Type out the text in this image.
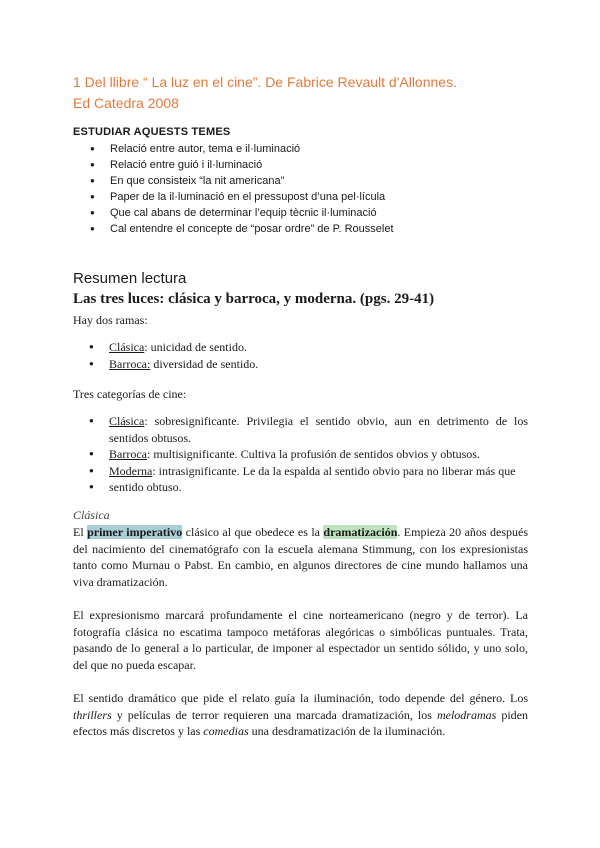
1 Del llibre “ La luz en el cine”. De Fabrice Revault d'Allonnes.
Ed Catedra 2008
ESTUDIAR AQUESTS TEMES
● Relació entre autor, tema e il·luminació
● Relació entre guió i il·luminació
● En que consisteix “la nit americana”
● Paper de la il·luminació en el pressupost d’una pel·lícula
● Que cal abans de determinar l’equip tècnic il·luminació
● Cal entendre el concepte de “posar ordre” de P. Rousselet
Resumen lectura
Las tres luces: clásica y barroca, y moderna. (pgs. 29-41)
Hay dos ramas:
● Clásica: unicidad de sentido.
● Barroca: diversidad de sentido.
Tres categorías de cine:
● Clásica: sobresignificante. Privilegia el sentido obvio, aun en detrimento de los sentidos obtusos.
● Barroca: multisignificante. Cultiva la profusión de sentidos obvios y obtusos.
● Moderna: intrasignificante. Le da la espalda al sentido obvio para no liberar más que
● sentido obtuso.
Clásica
El primer imperativo clásico al que obedece es la dramatización. Empieza 20 años después del nacimiento del cinematógrafo con la escuela alemana Stimmung, con los expresionistas tanto como Murnau o Pabst. En cambio, en algunos directores de cine mundo hallamos una viva dramatización.
El expresionismo marcará profundamente el cine norteamericano (negro y de terror). La fotografía clásica no escatima tampoco metáforas alegóricas o simbólicas puntuales. Trata, pasando de lo general a lo particular, de imponer al espectador un sentido sólido, y uno solo, del que no pueda escapar.
El sentido dramático que pide el relato guía la iluminación, todo depende del género. Los thrillers y películas de terror requieren una marcada dramatización, los melodramas piden efectos más discretos y las comedias una desdramatización de la iluminación.
